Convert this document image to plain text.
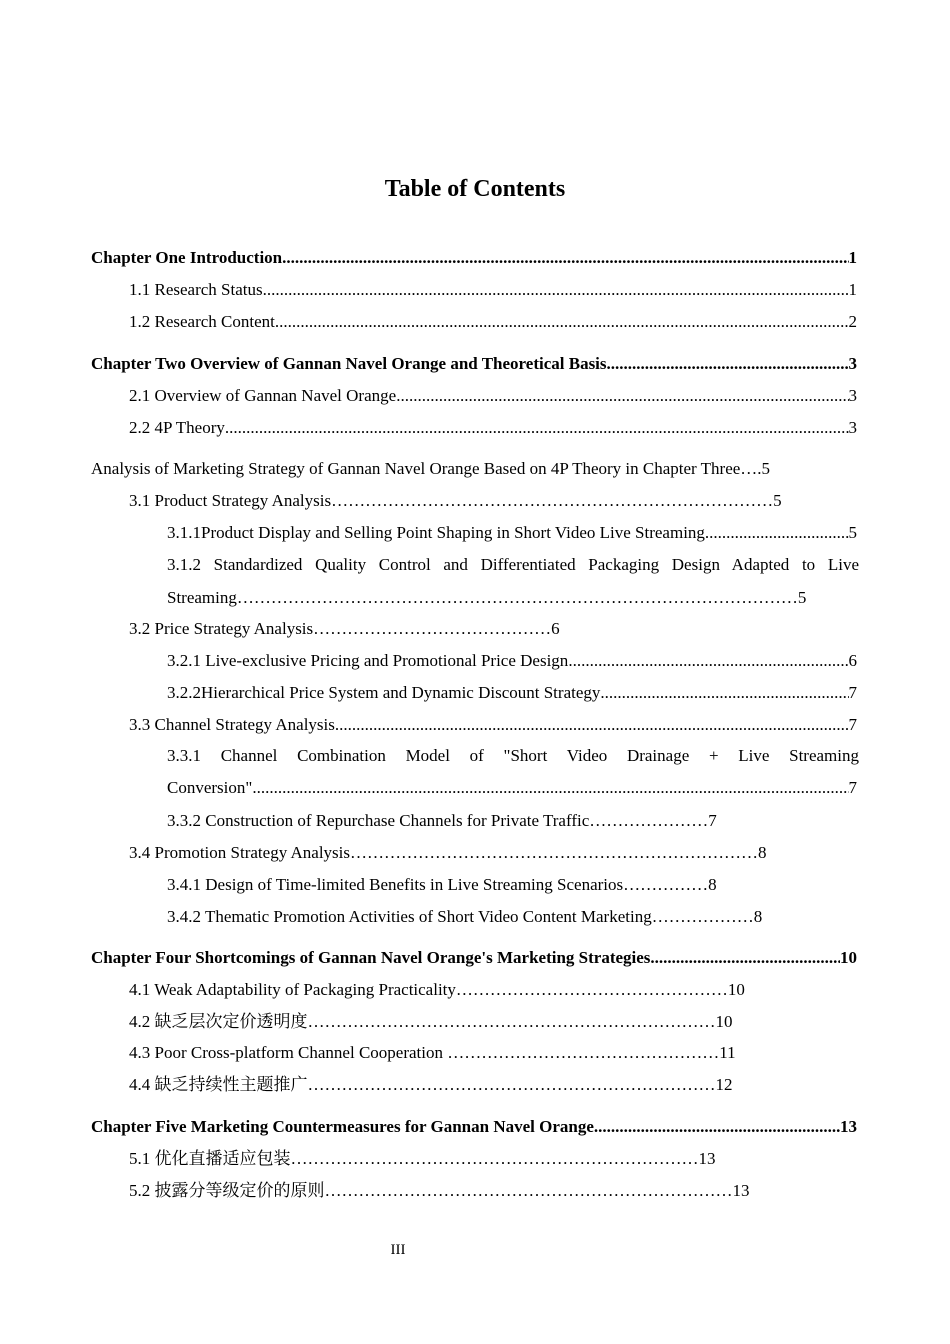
Table of Contents
Chapter One Introduction .....	1
1.1 Research Status .....	1
1.2 Research Content .....	2
Chapter Two Overview of Gannan Navel Orange and Theoretical Basis .....	3
2.1 Overview of Gannan Navel Orange .....	3
2.2 4P Theory .....	3
Analysis of Marketing Strategy of Gannan Navel Orange Based on 4P Theory in Chapter Three….5
3.1 Product Strategy Analysis……………………………………………………………………5
3.1.1Product Display and Selling Point Shaping in Short Video Live Streaming .....	5
3.1.2 Standardized Quality Control and Differentiated Packaging Design Adapted to Live
Streaming………………………………………………………………………………………5
3.2 Price Strategy Analysis……………………………………6
3.2.1 Live-exclusive Pricing and Promotional Price Design .....	6
3.2.2Hierarchical Price System and Dynamic Discount Strategy .....	7
3.3 Channel Strategy Analysis .....	7
3.3.1 Channel Combination Model of "Short Video Drainage + Live Streaming
Conversion" .....	7
3.3.2 Construction of Repurchase Channels for Private Traffic…………………7
3.4 Promotion Strategy Analysis………………………………………………………………8
3.4.1 Design of Time-limited Benefits in Live Streaming Scenarios……………8
3.4.2 Thematic Promotion Activities of Short Video Content Marketing………………8
Chapter Four Shortcomings of Gannan Navel Orange's Marketing Strategies .....	10
4.1 Weak Adaptability of Packaging Practicality…………………………………………10
4.2 缺乏层次定价透明度………………………………………………………………10
4.3 Poor Cross-platform Channel Cooperation …………………………………………11
4.4 缺乏持续性主题推广………………………………………………………………12
Chapter Five Marketing Countermeasures for Gannan Navel Orange .....	13
5.1 优化直播适应包装………………………………………………………………13
5.2 披露分等级定价的原则………………………………………………………………13
III
